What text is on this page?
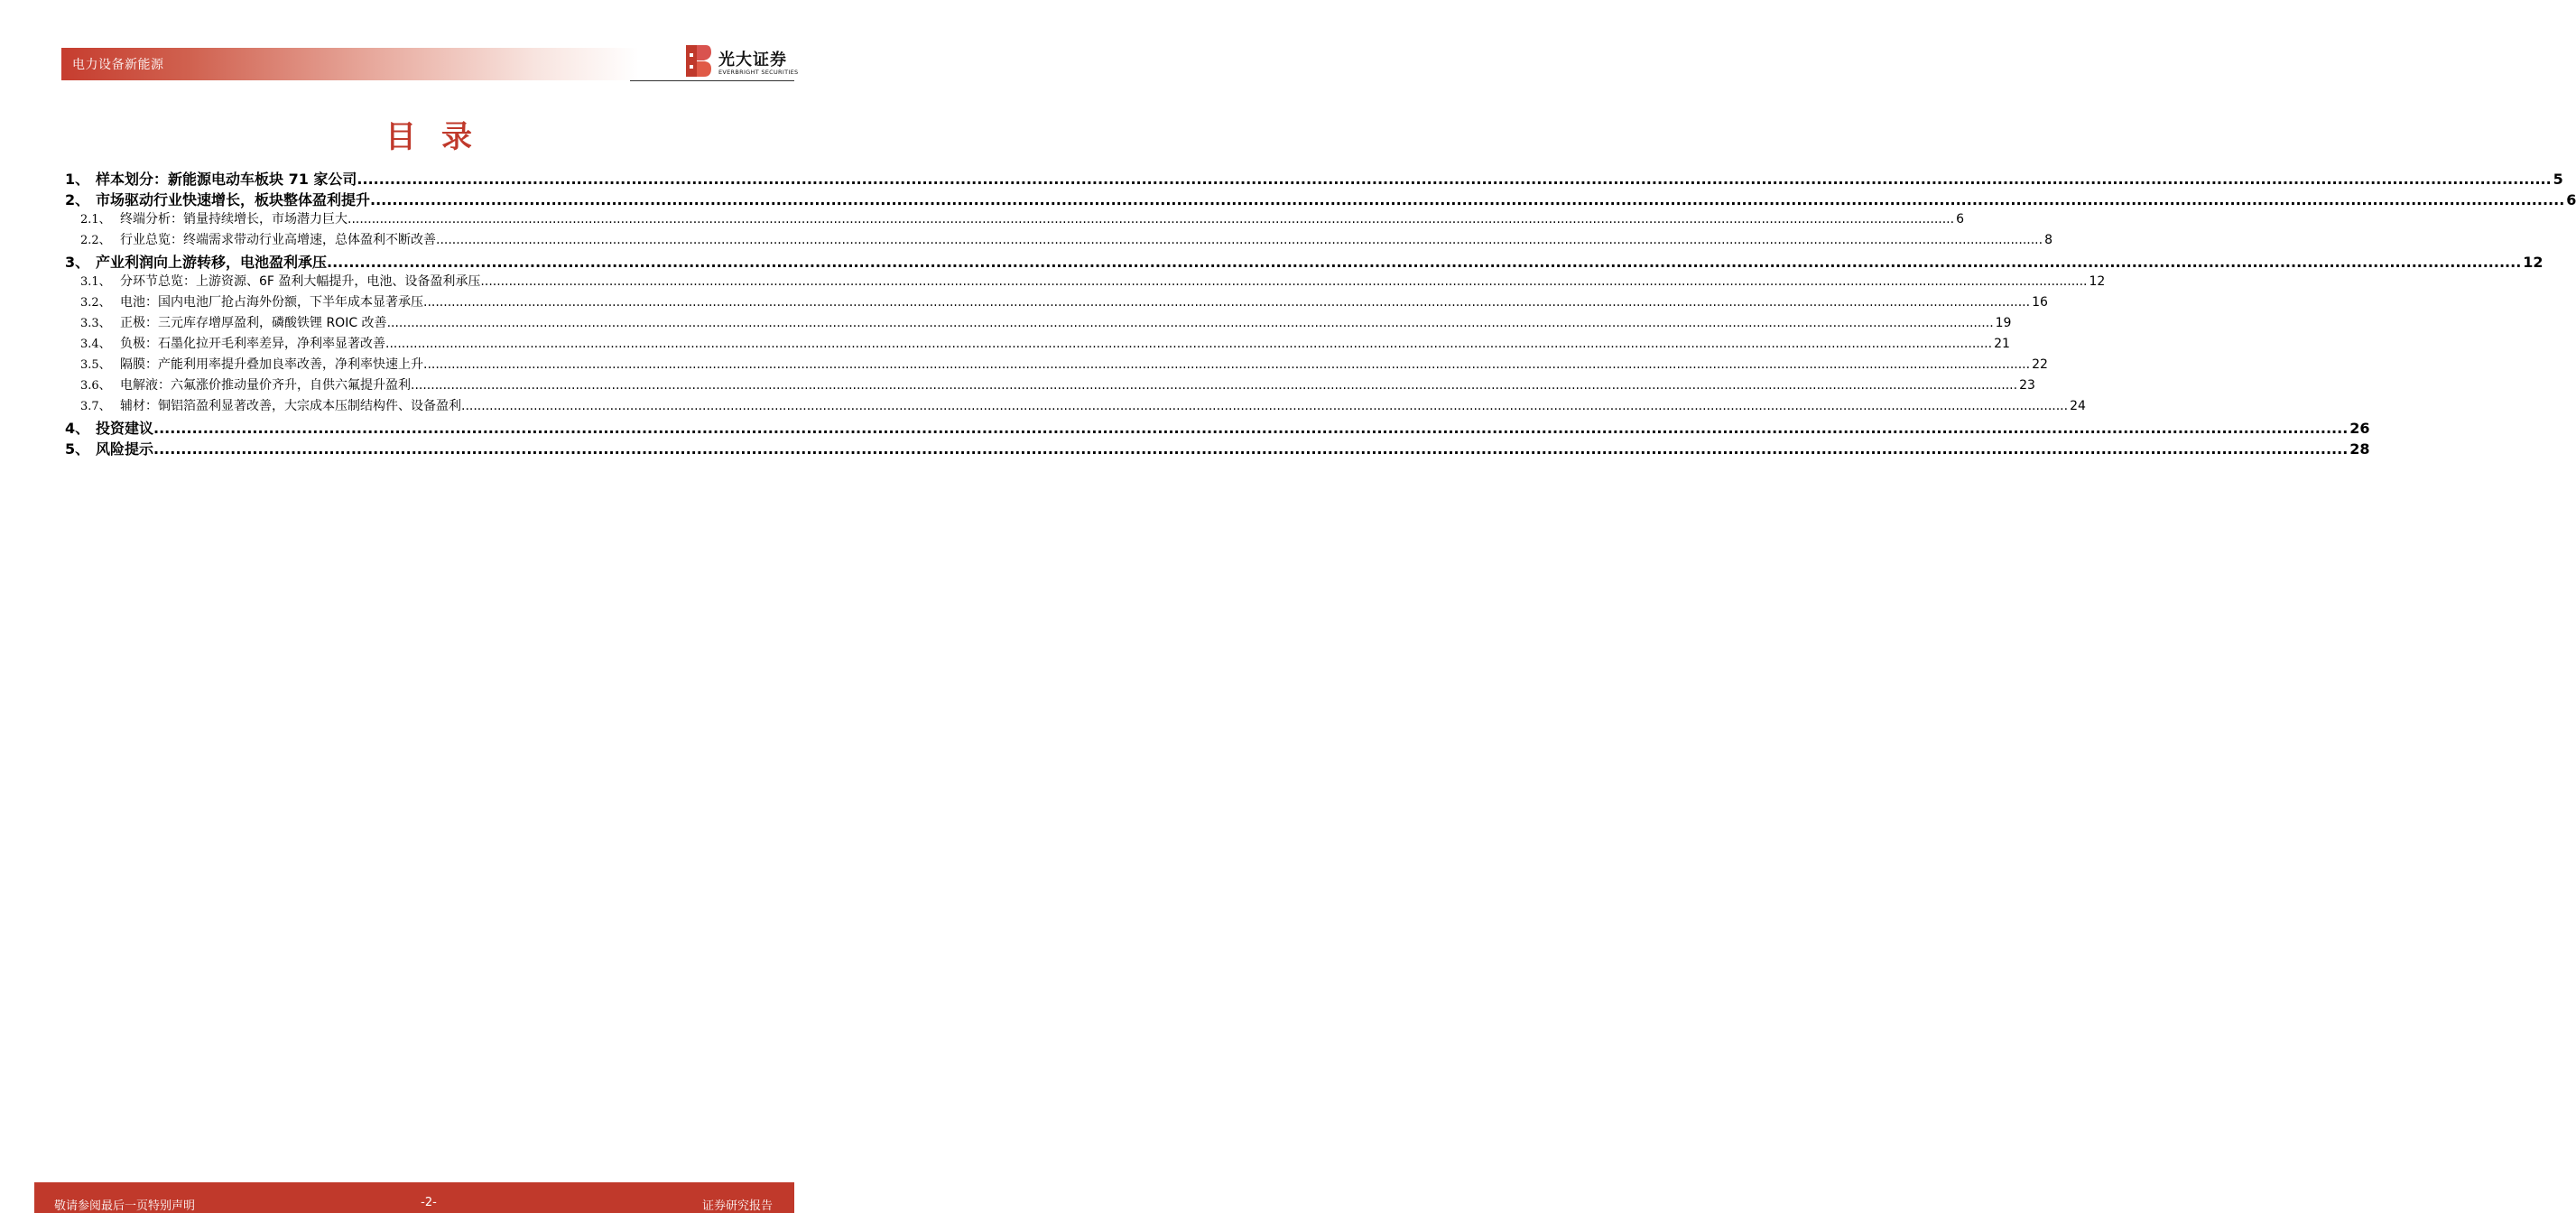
电力设备新能源	光大证券
EVERBRIGHT SECURITIES
目录
1、 样本划分：新能源电动车板块 71 家公司 ................................................................................................................................................................................................................................................................................................................................................................................................................ 5
2、 市场驱动行业快速增长，板块整体盈利提升 ................................................................................................................................................................................................................................................................................................................................................................................................................ 6
2.1、 终端分析：销量持续增长，市场潜力巨大 ................................................................................................................................................................................................................................................................................................................................................................................................................ 6
2.2、 行业总览：终端需求带动行业高增速，总体盈利不断改善 ................................................................................................................................................................................................................................................................................................................................................................................................................ 8
3、 产业利润向上游转移，电池盈利承压 ................................................................................................................................................................................................................................................................................................................................................................................................................ 12
3.1、 分环节总览：上游资源、6F 盈利大幅提升，电池、设备盈利承压 ................................................................................................................................................................................................................................................................................................................................................................................................................ 12
3.2、 电池：国内电池厂抢占海外份额，下半年成本显著承压 ................................................................................................................................................................................................................................................................................................................................................................................................................ 16
3.3、 正极：三元库存增厚盈利，磷酸铁锂 ROIC 改善 ................................................................................................................................................................................................................................................................................................................................................................................................................ 19
3.4、 负极：石墨化拉开毛利率差异，净利率显著改善 ................................................................................................................................................................................................................................................................................................................................................................................................................ 21
3.5、 隔膜：产能利用率提升叠加良率改善，净利率快速上升 ................................................................................................................................................................................................................................................................................................................................................................................................................ 22
3.6、 电解液：六氟涨价推动量价齐升，自供六氟提升盈利 ................................................................................................................................................................................................................................................................................................................................................................................................................ 23
3.7、 辅材：铜铝箔盈利显著改善，大宗成本压制结构件、设备盈利 ................................................................................................................................................................................................................................................................................................................................................................................................................ 24
4、 投资建议 ................................................................................................................................................................................................................................................................................................................................................................................................................ 26
5、 风险提示 ................................................................................................................................................................................................................................................................................................................................................................................................................ 28
敬请参阅最后一页特别声明	-2-	证券研究报告
